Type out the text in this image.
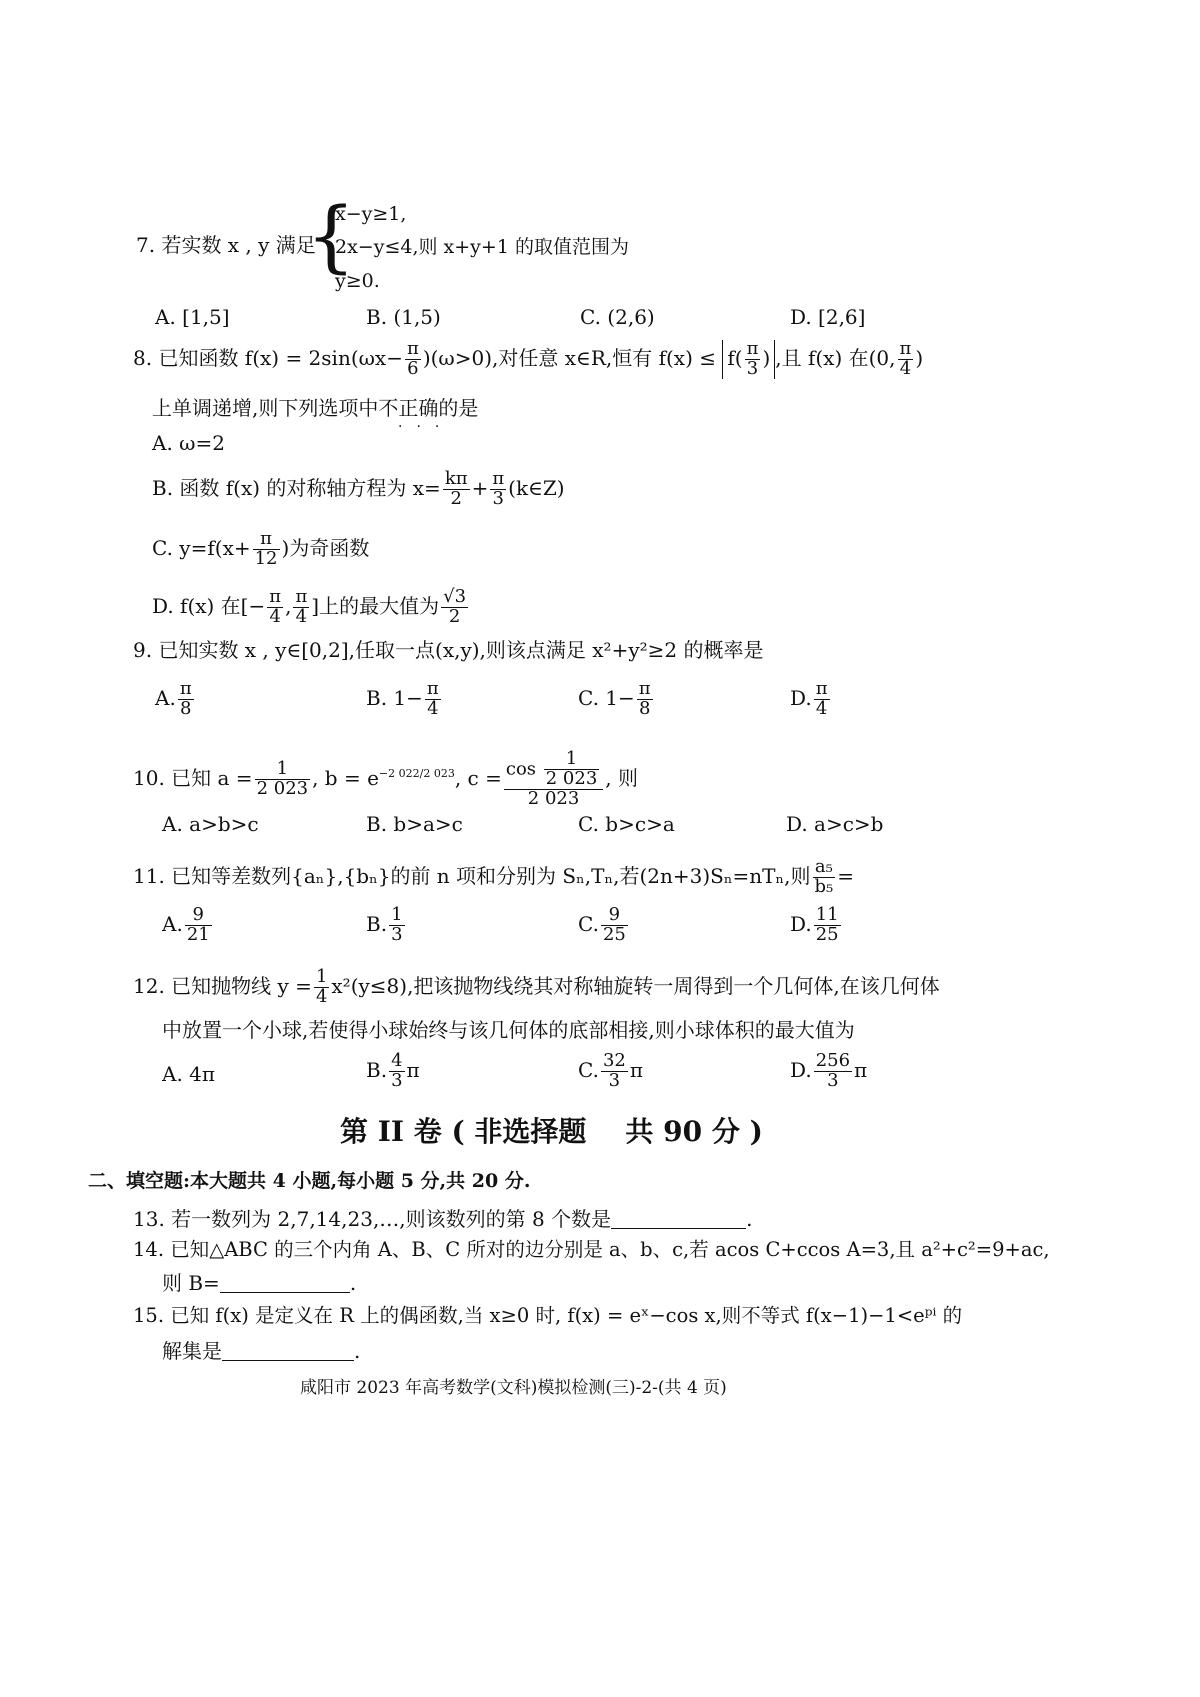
7. 若实数 x , y 满足
{
x−y≥1,
2x−y≤4,则 x+y+1 的取值范围为
y≥0.
A. [1,5]	B. (1,5)	C. (2,6)	D. [2,6]
8. 已知函数 $f(x) = 2\sin(\omega x- \frac{\pi}{6} )(\omega>0)$,对任意 x∈R,恒有 $f(x) \le f( \frac{\pi}{3}$ ) ,且 f(x) 在(0, $\frac{\pi}{4}$ )
上单调递增,则下列选项中不正确的是
···
A. ω=2
B. 函数 f(x) 的对称轴方程为 $x= \frac{k\pi}{2} + \frac{\pi}{3}$ (k∈Z)
C. $y=f(x+ \frac{\pi}{12}$ )为奇函数
D. f(x) 在[− $\frac{\pi}{4}$ , $\frac{\pi}{4}$ ]上的最大值为 $\frac{√3}{2}$
9. 已知实数 x , y∈[0,2],任取一点(x,y),则该点满足 x²+y²≥2 的概率是
A. $\frac{\pi}{8}$	B. $1- \frac{\pi}{4}$	C. $1- \frac{\pi}{8}$	D. $\frac{\pi}{4}$
10. 已知 $a = \frac{1}{2 023}$ , $b = e^{-2 022/2 023}$, $c = \frac{\cos \frac{1}{2 023}}{2 023}$ , 则
A. a>b>c	B. b>a>c	C. b>c>a	D. a>c>b
11. 已知等差数列{aₙ},{bₙ}的前 n 项和分别为 Sₙ,Tₙ,若(2n+3)Sₙ=nTₙ,则 $\frac{\text{a₅}}{\text{b₅}}$ =
A. $\frac{9}{21}$	B. $\frac{1}{3}$	C. $\frac{9}{25}$	D. $\frac{11}{25}$
12. 已知抛物线 $y = \frac{1}{4} x^2(y\le 8)$,把该抛物线绕其对称轴旋转一周得到一个几何体,在该几何体
中放置一个小球,若使得小球始终与该几何体的底部相接,则小球体积的最大值为
A. 4π	B. $\frac{4}{3}$ π	C. $\frac{32}{3}$ π	D. $\frac{256}{3}$ π
第 II 卷 ( 非选择题    共 90 分 )
二、填空题:本大题共 4 小题,每小题 5 分,共 20 分.
13. 若一数列为 2,7,14,23,…,则该数列的第 8 个数是	.
14. 已知△ABC 的三个内角 A、B、C 所对的边分别是 a、b、c,若 acos C+ccos A=3,且 a²+c²=9+ac,
则 B=	.
15. 已知 f(x) 是定义在 R 上的偶函数,当 x≥0 时, f(x) = eˣ−cos x,则不等式 f(x−1)−1<eᵖⁱ 的
解集是	.
咸阳市 2023 年高考数学(文科)模拟检测(三)-2-(共 4 页)
